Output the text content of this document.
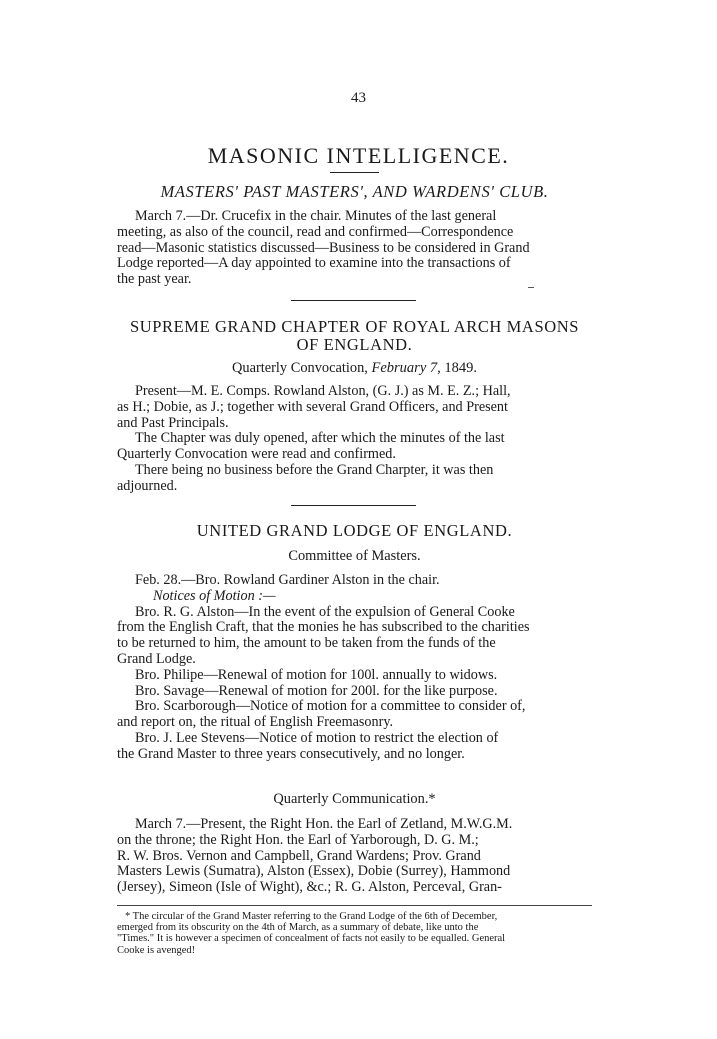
43
MASONIC INTELLIGENCE.
MASTERS' PAST MASTERS', AND WARDENS' CLUB.
March 7.—Dr. Crucefix in the chair. Minutes of the last general
meeting, as also of the council, read and confirmed—Correspondence
read—Masonic statistics discussed—Business to be considered in Grand
Lodge reported—A day appointed to examine into the transactions of
the past year.
SUPREME GRAND CHAPTER OF ROYAL ARCH MASONS
OF ENGLAND.
Quarterly Convocation, February 7, 1849.
Present—M. E. Comps. Rowland Alston, (G. J.) as M. E. Z.; Hall,
as H.; Dobie, as J.; together with several Grand Officers, and Present
and Past Principals.
The Chapter was duly opened, after which the minutes of the last
Quarterly Convocation were read and confirmed.
There being no business before the Grand Charpter, it was then
adjourned.
UNITED GRAND LODGE OF ENGLAND.
Committee of Masters.
Feb. 28.—Bro. Rowland Gardiner Alston in the chair.
Notices of Motion :—
Bro. R. G. Alston—In the event of the expulsion of General Cooke
from the English Craft, that the monies he has subscribed to the charities
to be returned to him, the amount to be taken from the funds of the
Grand Lodge.
Bro. Philipe—Renewal of motion for 100l. annually to widows.
Bro. Savage—Renewal of motion for 200l. for the like purpose.
Bro. Scarborough—Notice of motion for a committee to consider of,
and report on, the ritual of English Freemasonry.
Bro. J. Lee Stevens—Notice of motion to restrict the election of
the Grand Master to three years consecutively, and no longer.
Quarterly Communication.*
March 7.—Present, the Right Hon. the Earl of Zetland, M.W.G.M.
on the throne; the Right Hon. the Earl of Yarborough, D. G. M.;
R. W. Bros. Vernon and Campbell, Grand Wardens; Prov. Grand
Masters Lewis (Sumatra), Alston (Essex), Dobie (Surrey), Hammond
(Jersey), Simeon (Isle of Wight), &c.; R. G. Alston, Perceval, Gran-
* The circular of the Grand Master referring to the Grand Lodge of the 6th of December,
emerged from its obscurity on the 4th of March, as a summary of debate, like unto the
"Times." It is however a specimen of concealment of facts not easily to be equalled. General
Cooke is avenged!
